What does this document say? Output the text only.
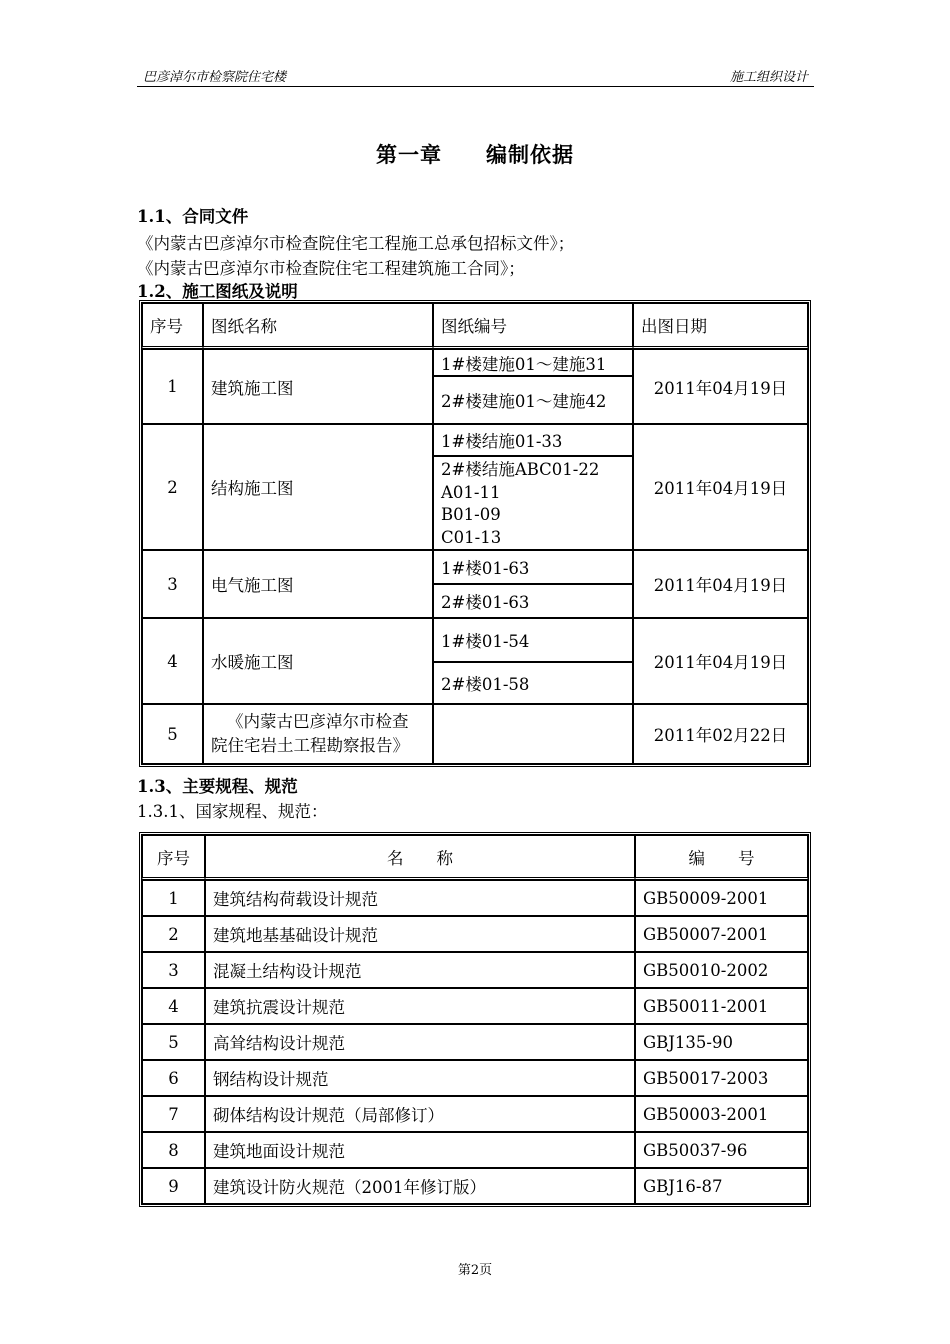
巴彦淖尔市检察院住宅楼	施工组织设计
第一章 编制依据
1.1、合同文件
《内蒙古巴彦淖尔市检查院住宅工程施工总承包招标文件》；
《内蒙古巴彦淖尔市检查院住宅工程建筑施工合同》；
1.2、施工图纸及说明
序号	图纸名称	图纸编号	出图日期
1	建筑施工图	1#楼建施01～建施31	2011年04月19日
		2#楼建施01～建施42	
2	结构施工图	1#楼结施01-33	2011年04月19日

		2#楼结施ABC01-22
A01-11
B01-09
C01-13	

3	电气施工图	1#楼01-63	2011年04月19日
		2#楼01-63	
4	水暖施工图	1#楼01-54	2011年04月19日
		2#楼01-58	
5	《内蒙古巴彦淖尔市检查
院住宅岩土工程勘察报告》		2011年02月22日
1.3、主要规程、规范
1.3.1、国家规程、规范：
序号	名　　称	编　　号
1	建筑结构荷载设计规范	GB50009-2001
2	建筑地基基础设计规范	GB50007-2001
3	混凝土结构设计规范	GB50010-2002
4	建筑抗震设计规范	GB50011-2001
5	高耸结构设计规范	GBJ135-90
6	钢结构设计规范	GB50017-2003
7	砌体结构设计规范（局部修订）	GB50003-2001
8	建筑地面设计规范	GB50037-96
9	建筑设计防火规范（2001年修订版）	GBJ16-87
第2页
